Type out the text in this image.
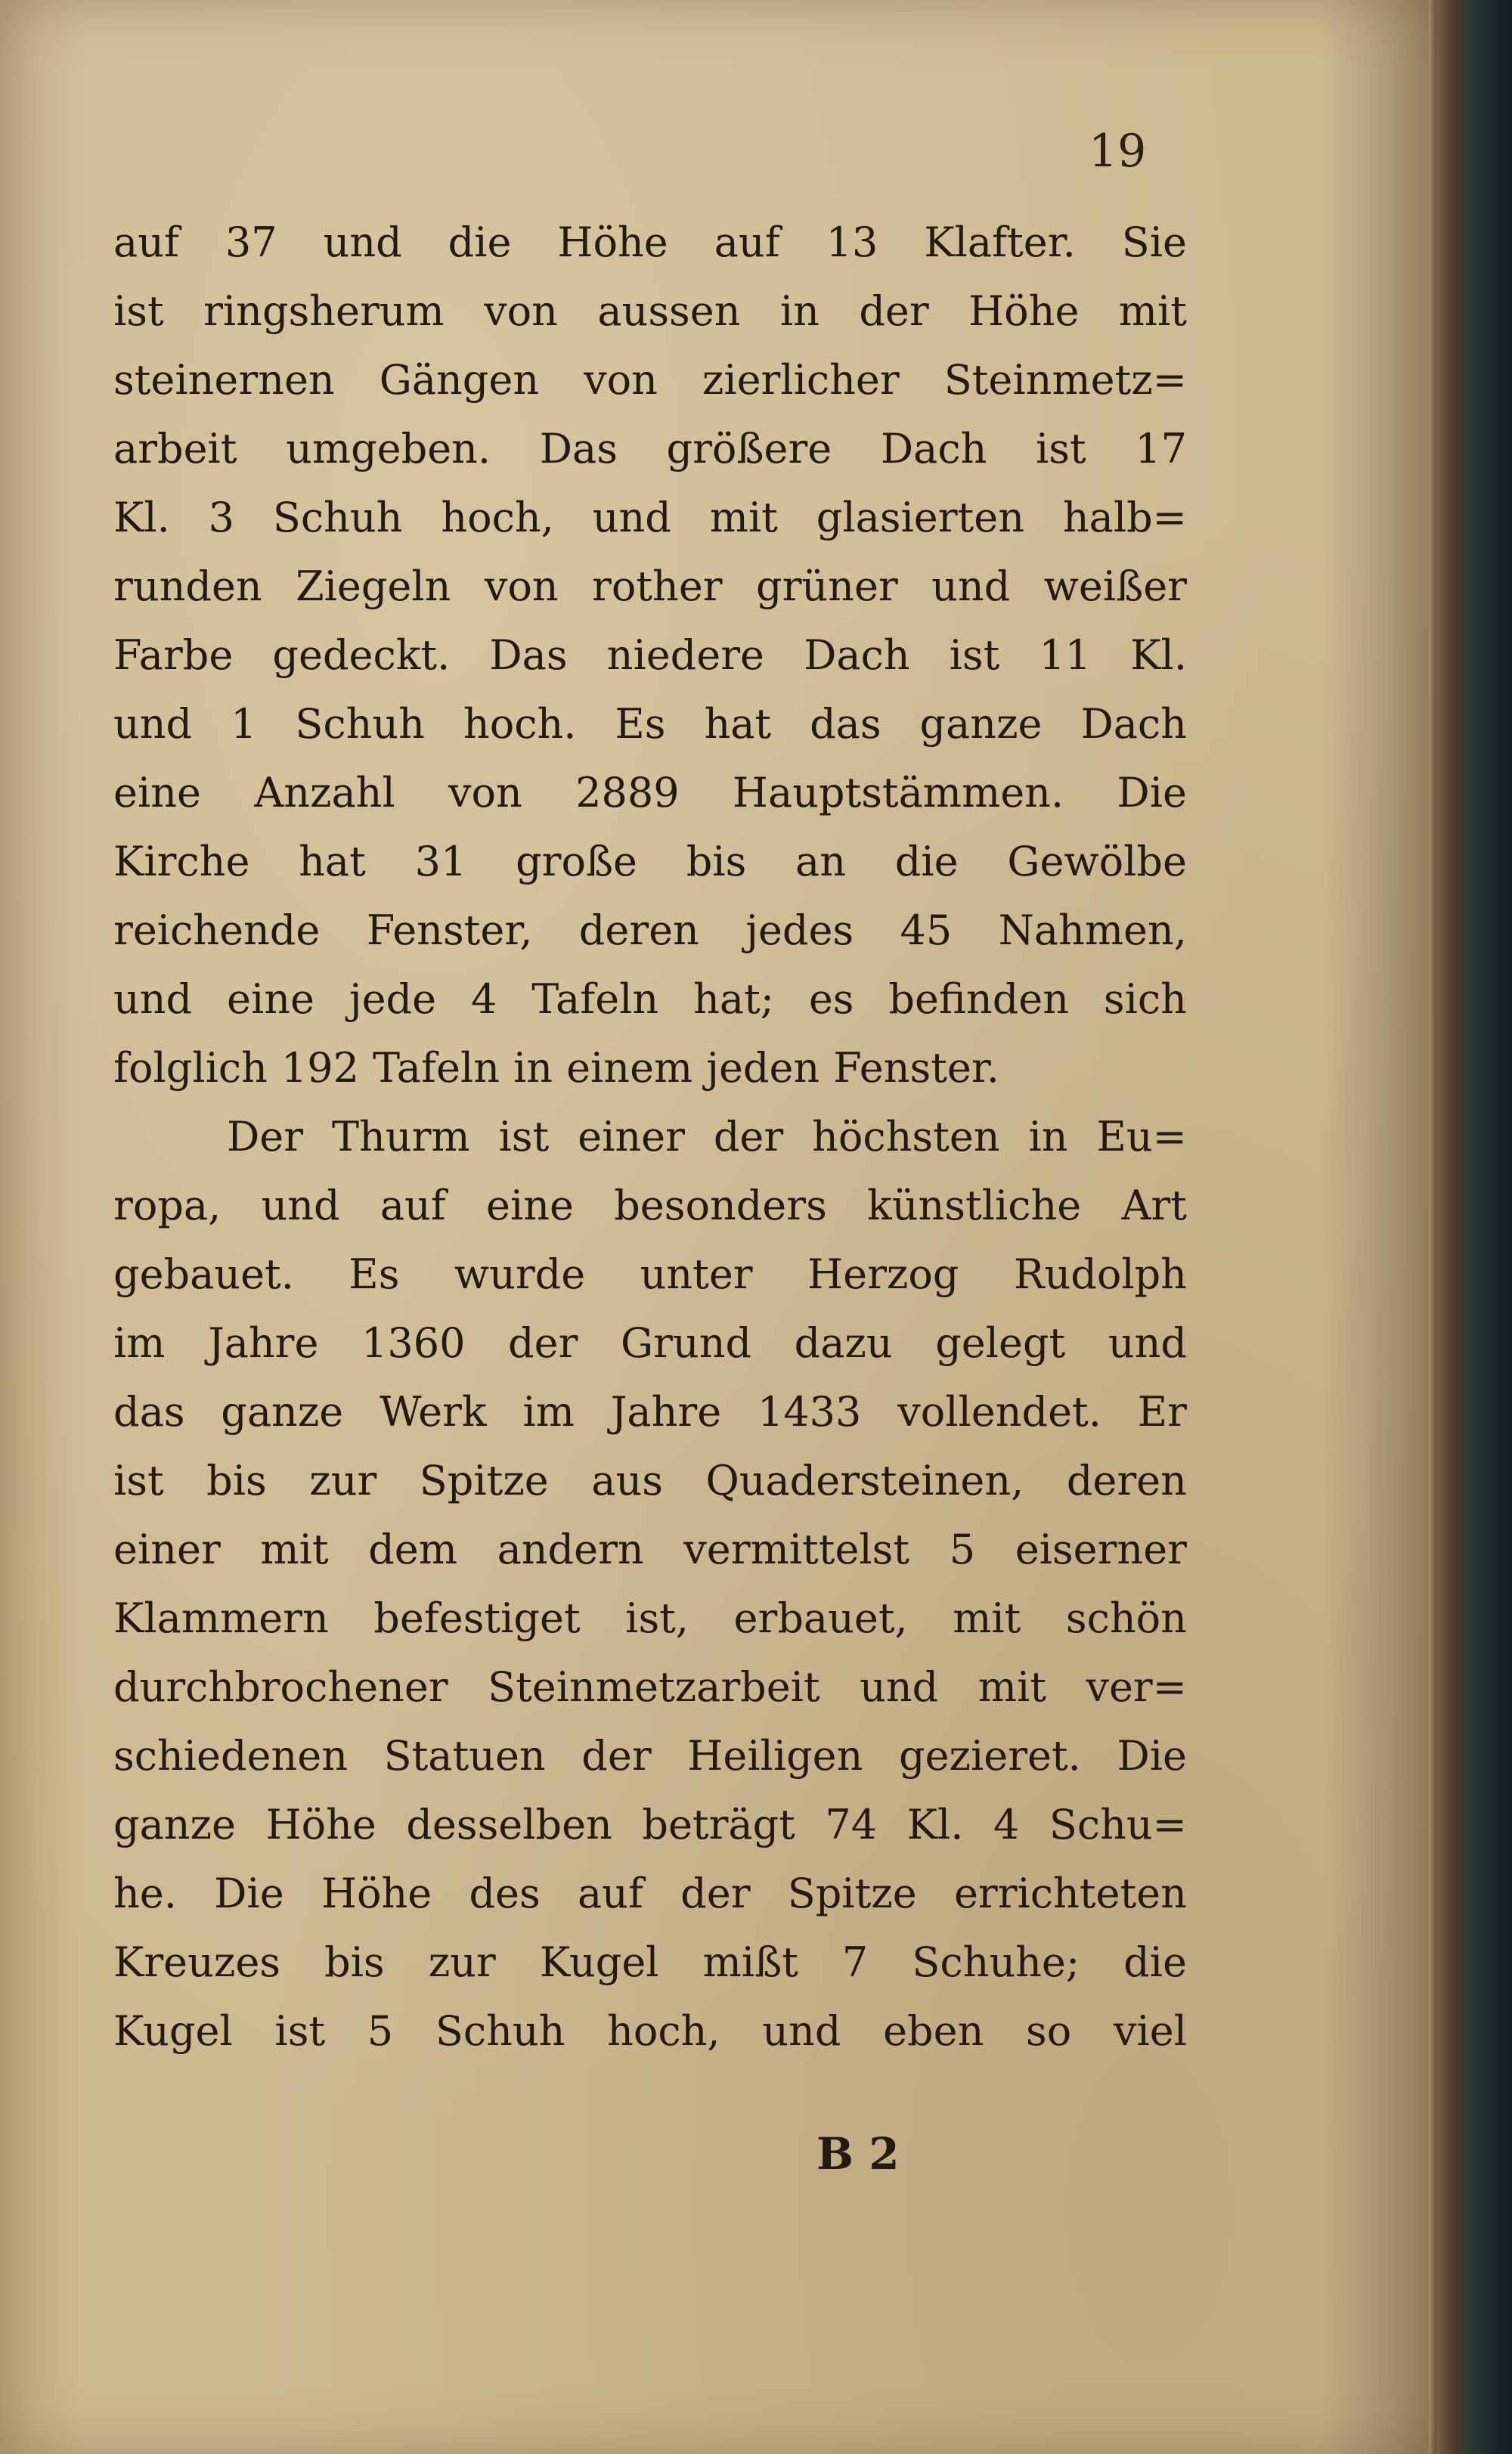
19
auf 37 und die Höhe auf 13 Klafter. Sie
ist ringsherum von aussen in der Höhe mit
steinernen Gängen von zierlicher Steinmetz=
arbeit umgeben. Das größere Dach ist 17
Kl. 3 Schuh hoch, und mit glasierten halb=
runden Ziegeln von rother grüner und weißer
Farbe gedeckt. Das niedere Dach ist 11 Kl.
und 1 Schuh hoch. Es hat das ganze Dach
eine Anzahl von 2889 Hauptstämmen. Die
Kirche hat 31 große bis an die Gewölbe
reichende Fenster, deren jedes 45 Nahmen,
und eine jede 4 Tafeln hat; es befinden sich
folglich 192 Tafeln in einem jeden Fenster.
Der Thurm ist einer der höchsten in Eu=
ropa, und auf eine besonders künstliche Art
gebauet. Es wurde unter Herzog Rudolph
im Jahre 1360 der Grund dazu gelegt und
das ganze Werk im Jahre 1433 vollendet. Er
ist bis zur Spitze aus Quadersteinen, deren
einer mit dem andern vermittelst 5 eiserner
Klammern befestiget ist, erbauet, mit schön
durchbrochener Steinmetzarbeit und mit ver=
schiedenen Statuen der Heiligen gezieret. Die
ganze Höhe desselben beträgt 74 Kl. 4 Schu=
he. Die Höhe des auf der Spitze errichteten
Kreuzes bis zur Kugel mißt 7 Schuhe; die
Kugel ist 5 Schuh hoch, und eben so viel
B 2
